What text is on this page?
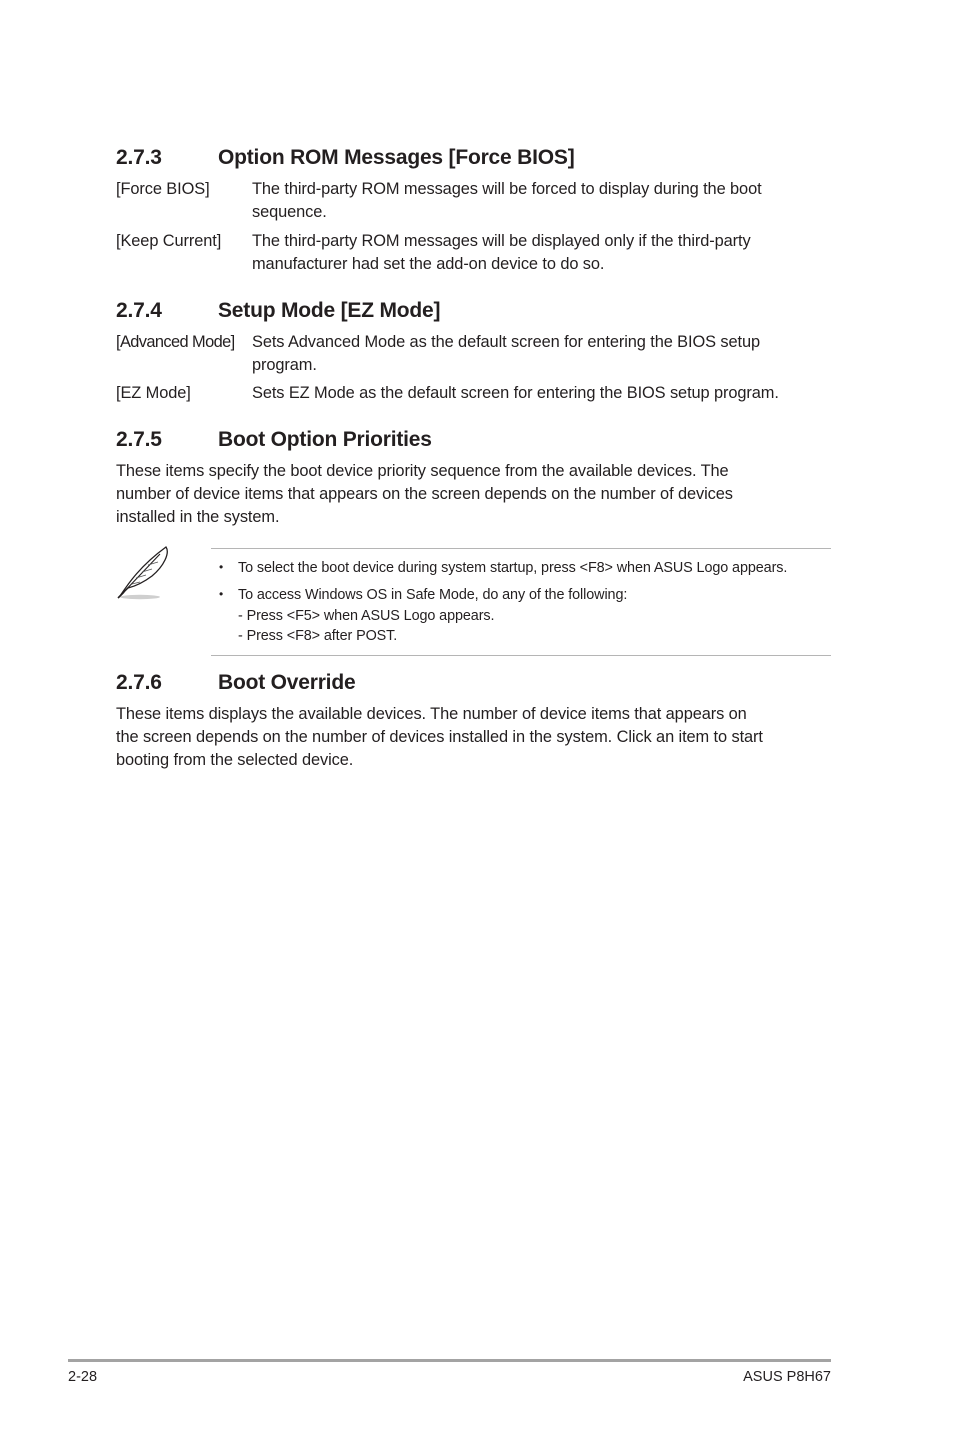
2.7.3	Option ROM Messages [Force BIOS]
[Force BIOS]	The third-party ROM messages will be forced to display during the boot
sequence.
[Keep Current] The third-party ROM messages will be displayed only if the third-party
manufacturer had set the add-on device to do so.
2.7.4	Setup Mode [EZ Mode]
[Advanced Mode] Sets Advanced Mode as the default screen for entering the BIOS setup
program.
[EZ Mode]	Sets EZ Mode as the default screen for entering the BIOS setup program.
2.7.5	Boot Option Priorities
These items specify the boot device priority sequence from the available devices. The
number of device items that appears on the screen depends on the number of devices
installed in the system.
• To select the boot device during system startup, press <F8> when ASUS Logo appears.
• To access Windows OS in Safe Mode, do any of the following:
- Press <F5> when ASUS Logo appears.
- Press <F8> after POST.
2.7.6	Boot Override
These items displays the available devices. The number of device items that appears on
the screen depends on the number of devices installed in the system. Click an item to start
booting from the selected device.
2-28	ASUS P8H67
